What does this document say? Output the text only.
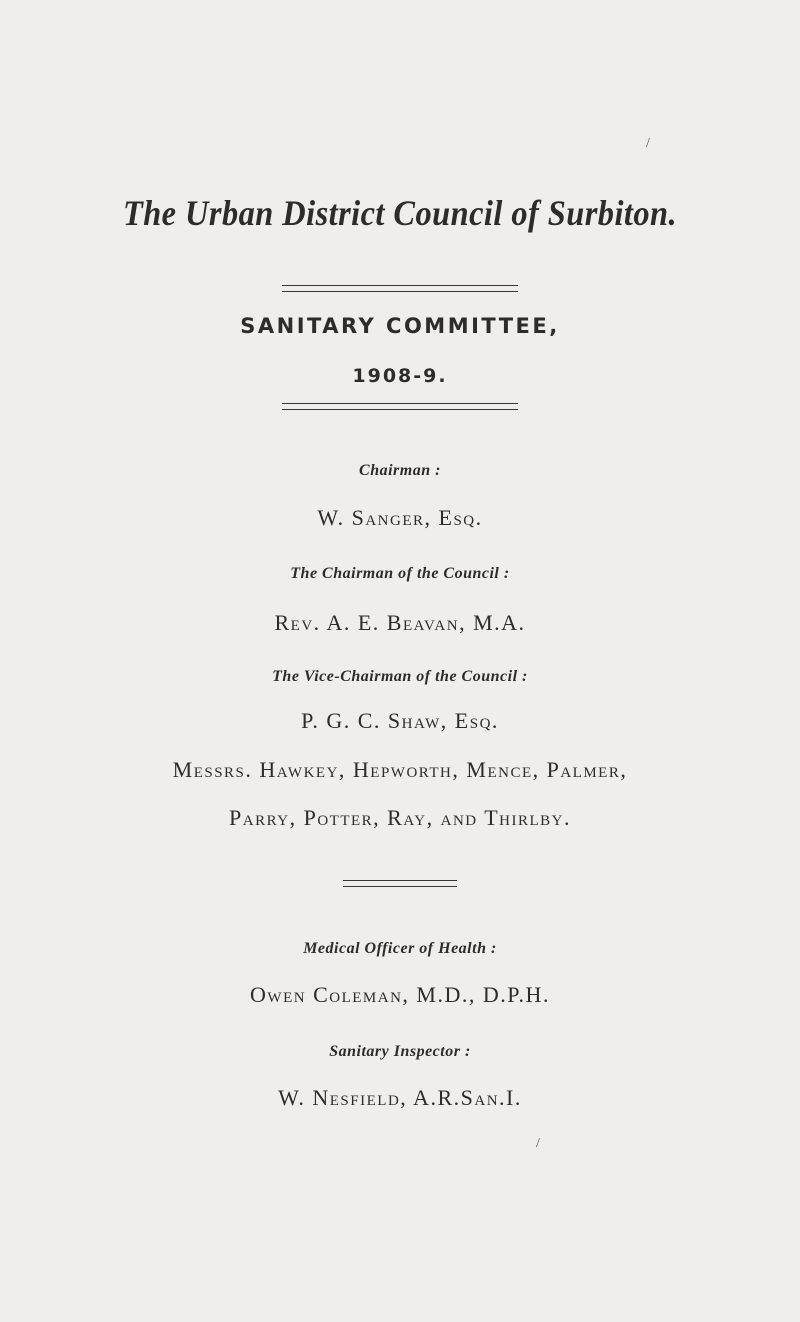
/
The Urban District Council of Surbiton.
SANITARY COMMITTEE,
1908-9.
Chairman :
W. Sanger, Esq.
The Chairman of the Council :
Rev. A. E. Beavan, M.A.
The Vice-Chairman of the Council :
P. G. C. Shaw, Esq.
Messrs. Hawkey, Hepworth, Mence, Palmer,
Parry, Potter, Ray, and Thirlby.
Medical Officer of Health :
Owen Coleman, M.D., D.P.H.
Sanitary Inspector :
W. Nesfield, A.R.San.I.
/
